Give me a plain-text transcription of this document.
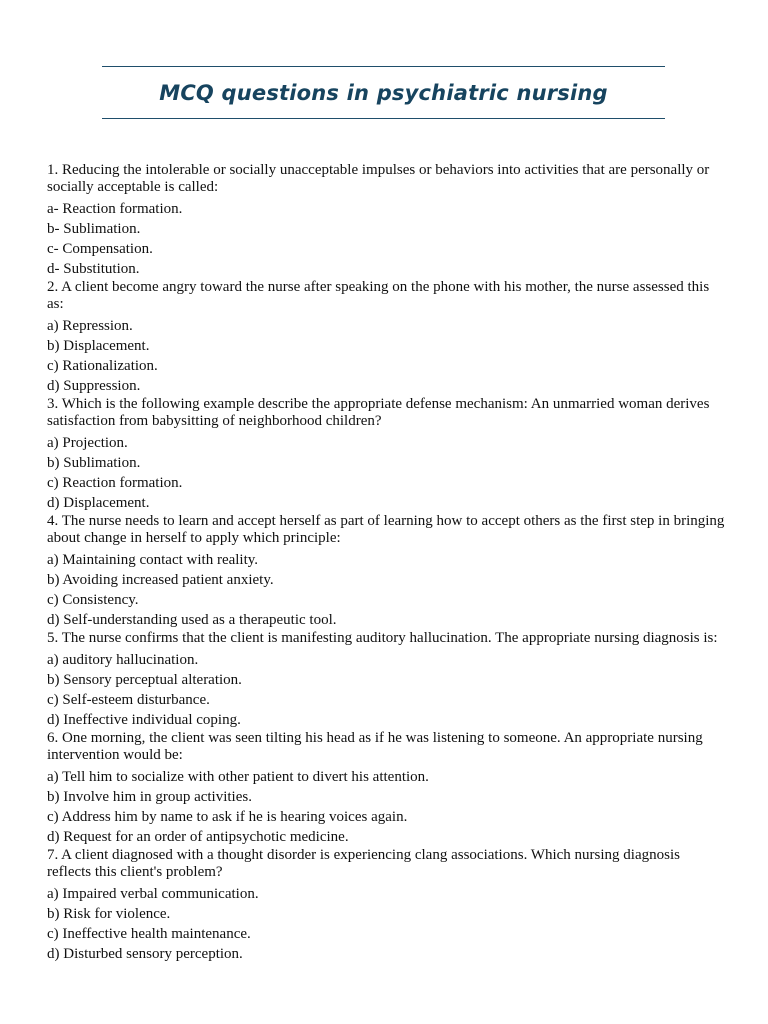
MCQ questions in psychiatric nursing

1. Reducing the intolerable or socially unacceptable impulses or behaviors into activities that are personally or socially acceptable is called:

a- Reaction formation.

b- Sublimation.

c- Compensation.

d- Substitution.

2. A client become angry toward the nurse after speaking on the phone with his mother, the nurse assessed this as:

a) Repression.

b) Displacement.

c) Rationalization.

d) Suppression.

3. Which is the following example describe the appropriate defense mechanism: An unmarried woman derives satisfaction from babysitting of neighborhood children?

a) Projection.

b) Sublimation.

c) Reaction formation.

d) Displacement.

4. The nurse needs to learn and accept herself as part of learning how to accept others as the first step in bringing about change in herself to apply which principle:

a) Maintaining contact with reality.

b) Avoiding increased patient anxiety.

c) Consistency.

d) Self-understanding used as a therapeutic tool.

5. The nurse confirms that the client is manifesting auditory hallucination. The appropriate nursing diagnosis is:

a) auditory hallucination.

b) Sensory perceptual alteration.

c) Self-esteem disturbance.

d) Ineffective individual coping.

6. One morning, the client was seen tilting his head as if he was listening to someone. An appropriate nursing intervention would be:

a) Tell him to socialize with other patient to divert his attention.

b) Involve him in group activities.

c) Address him by name to ask if he is hearing voices again.

d) Request for an order of antipsychotic medicine.

7. A client diagnosed with a thought disorder is experiencing clang associations. Which nursing diagnosis reflects this client's problem?

a) Impaired verbal communication.

b) Risk for violence.

c) Ineffective health maintenance.

d) Disturbed sensory perception.
